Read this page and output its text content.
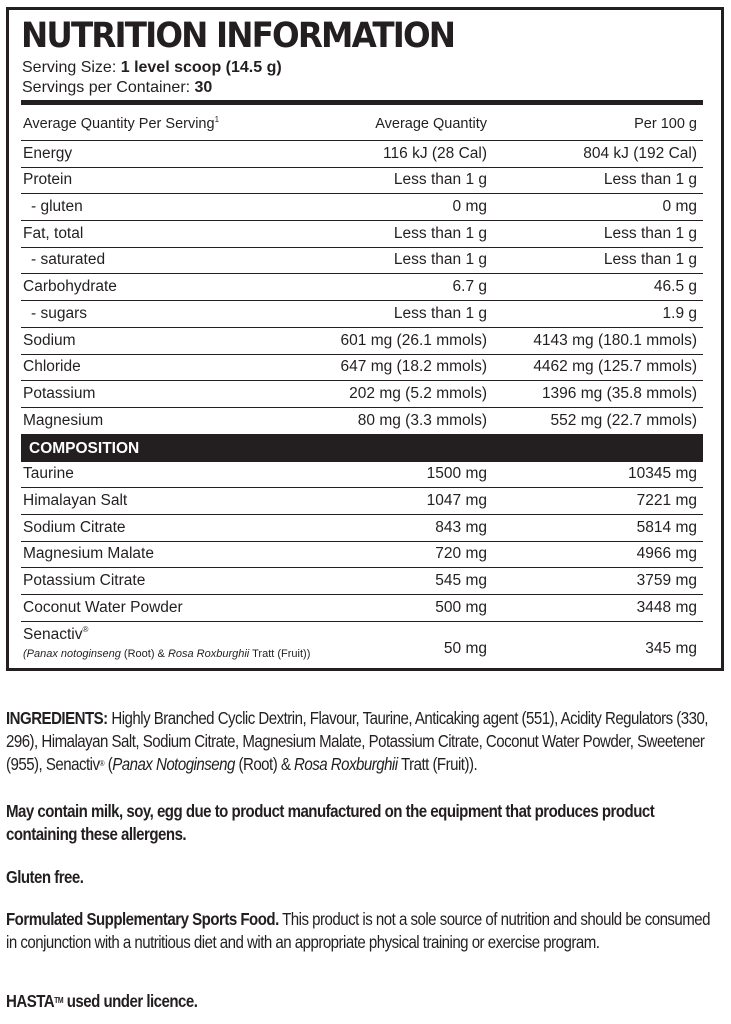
NUTRITION INFORMATION
Serving Size: 1 level scoop (14.5 g)
Servings per Container: 30
Average Quantity Per Serving$^1$	Average Quantity	Per 100 g
Energy	116 kJ (28 Cal)	804 kJ (192 Cal)
Protein	Less than 1 g	Less than 1 g
- gluten	0 mg	0 mg
Fat, total	Less than 1 g	Less than 1 g
- saturated	Less than 1 g	Less than 1 g
Carbohydrate	6.7 g	46.5 g
- sugars	Less than 1 g	1.9 g
Sodium	601 mg (26.1 mmols)	4143 mg (180.1 mmols)
Chloride	647 mg (18.2 mmols)	4462 mg (125.7 mmols)
Potassium	202 mg (5.2 mmols)	1396 mg (35.8 mmols)
Magnesium	80 mg (3.3 mmols)	552 mg (22.7 mmols)
COMPOSITION
Taurine	1500 mg	10345 mg
Himalayan Salt	1047 mg	7221 mg
Sodium Citrate	843 mg	5814 mg
Magnesium Malate	720 mg	4966 mg
Potassium Citrate	545 mg	3759 mg
Coconut Water Powder	500 mg	3448 mg
Senactiv®
(Panax notoginseng (Root) & Rosa Roxburghii Tratt (Fruit))	50 mg	345 mg
INGREDIENTS: Highly Branched Cyclic Dextrin, Flavour, Taurine, Anticaking agent (551), Acidity Regulators (330, 296), Himalayan Salt, Sodium Citrate, Magnesium Malate, Potassium Citrate, Coconut Water Powder, Sweetener (955), Senactiv® (Panax Notoginseng (Root) & Rosa Roxburghii Tratt (Fruit)).
May contain milk, soy, egg due to product manufactured on the equipment that produces product containing these allergens.
Gluten free.
Formulated Supplementary Sports Food. This product is not a sole source of nutrition and should be consumed in conjunction with a nutritious diet and with an appropriate physical training or exercise program.
HASTA™ used under licence.
